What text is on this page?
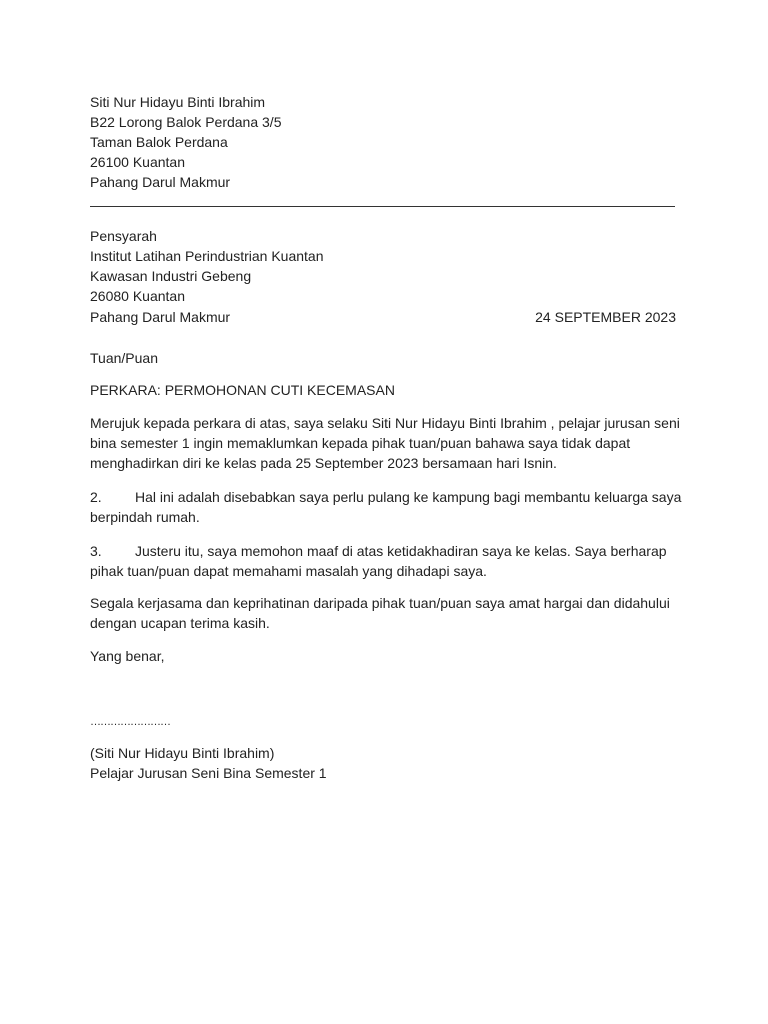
Siti Nur Hidayu Binti Ibrahim
B22 Lorong Balok Perdana 3/5
Taman Balok Perdana
26100 Kuantan
Pahang Darul Makmur
Pensyarah
Institut Latihan Perindustrian Kuantan
Kawasan Industri Gebeng
26080 Kuantan
Pahang Darul Makmur	24 SEPTEMBER 2023
Tuan/Puan
PERKARA: PERMOHONAN CUTI KECEMASAN
Merujuk kepada perkara di atas, saya selaku Siti Nur Hidayu Binti Ibrahim , pelajar jurusan seni
bina semester 1 ingin memaklumkan kepada pihak tuan/puan bahawa saya tidak dapat
menghadirkan diri ke kelas pada 25 September 2023 bersamaan hari Isnin.
2. Hal ini adalah disebabkan saya perlu pulang ke kampung bagi membantu keluarga saya
berpindah rumah.
3. Justeru itu, saya memohon maaf di atas ketidakhadiran saya ke kelas. Saya berharap
pihak tuan/puan dapat memahami masalah yang dihadapi saya.
Segala kerjasama dan keprihatinan daripada pihak tuan/puan saya amat hargai dan didahului
dengan ucapan terima kasih.
Yang benar,
……………………
(Siti Nur Hidayu Binti Ibrahim)
Pelajar Jurusan Seni Bina Semester 1
